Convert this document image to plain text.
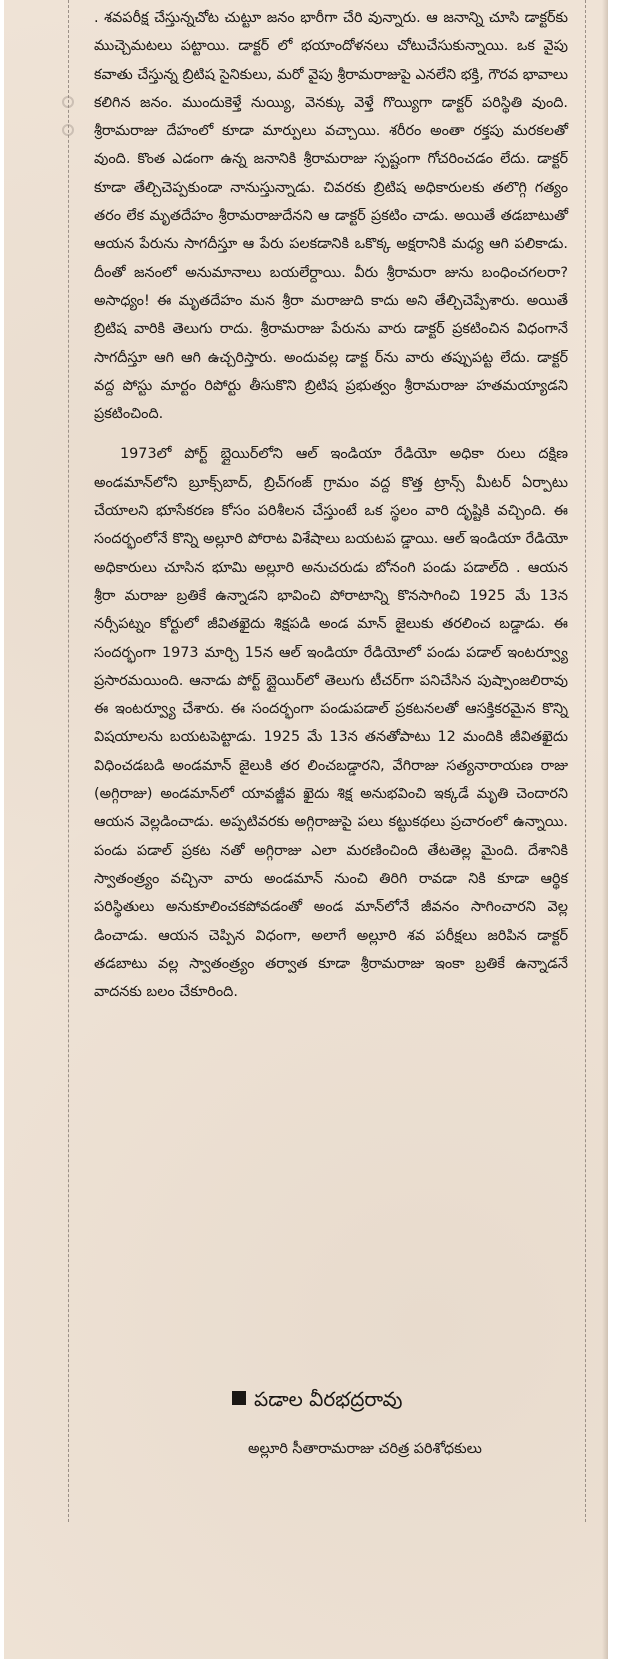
. శవపరీక్ష చేస్తున్నచోట చుట్టూ జనం భారీగా చేరి వున్నారు. ఆ జనాన్ని చూసి డాక్టర్‌కు ముచ్చెమటలు పట్టాయి. డాక్టర్ లో భయాందోళనలు చోటుచేసుకున్నాయి. ఒక వైపు కవాతు చేస్తున్న బ్రిటిష సైనికులు, మరో వైపు శ్రీరామరాజుపై ఎనలేని భక్తి, గౌరవ భావాలు కలిగిన జనం. ముందుకెళ్తే నుయ్యి, వెనక్కు వెళ్తే గొయ్యిగా డాక్టర్ పరిస్థితి వుంది. శ్రీరామరాజు దేహంలో కూడా మార్పులు వచ్చాయి. శరీరం అంతా రక్తపు మరకలతో వుంది. కొంత ఎడంగా ఉన్న జనానికి శ్రీరామరాజు స్పష్టంగా గోచరించడం లేదు. డాక్టర్ కూడా తేల్చిచెప్పకుండా నానుస్తున్నాడు. చివరకు బ్రిటిష అధికారులకు తలొగ్గి గత్యం తరం లేక మృతదేహం శ్రీరామరాజుదేనని ఆ డాక్టర్ ప్రకటిం చాడు. అయితే తడబాటుతో ఆయన పేరును సాగదీస్తూ ఆ పేరు పలకడానికి ఒకొక్క అక్షరానికి మధ్య ఆగి పలికాడు. దీంతో జనంలో అనుమానాలు బయలేర్దాయి. వీరు శ్రీరామరా జును బంధించగలరా? అసాధ్యం! ఈ మృతదేహం మన శ్రీరా మరాజుది కాదు అని తేల్చిచెప్పేశారు. అయితే బ్రిటిష వారికి తెలుగు రాదు. శ్రీరామరాజు పేరును వారు డాక్టర్ ప్రకటించిన విధంగానే సాగదీస్తూ ఆగి ఆగి ఉచ్చరిస్తారు. అందువల్ల డాక్ట ర్‌ను వారు తప్పుపట్ట లేదు. డాక్టర్ వద్ద పోస్టు మార్టం రిపోర్టు తీసుకొని బ్రిటిష ప్రభుత్వం శ్రీరామరాజు హతమయ్యాడని ప్రకటించింది.

1973లో పోర్ట్ బ్లైయిర్‌లోని ఆల్ ఇండియా రేడియో అధికా రులు దక్షిణ అండమాన్‌లోని బ్రూక్స్‌బాద్, బ్రిచ్‌గంజ్ గ్రామం వద్ద కొత్త ట్రాన్స్ మీటర్ ఏర్పాటు చేయాలని భూసేకరణ కోసం పరిశీలన చేస్తుంటే ఒక స్థలం వారి దృష్టికి వచ్చింది. ఈ సందర్భంలోనే కొన్ని అల్లూరి పోరాట విశేషాలు బయటప డ్డాయి. ఆల్ ఇండియా రేడియో అధికారులు చూసిన భూమి అల్లూరి అనుచరుడు బోనంగి పండు పడాల్‌ది . ఆయన శ్రీరా మరాజు బ్రతికే ఉన్నాడని భావించి పోరాటాన్ని కొనసాగించి 1925 మే 13న నర్సీపట్నం కోర్టులో జీవితఖైదు శిక్షపడి అండ మాన్ జైలుకు తరలించ బడ్డాడు. ఈ సందర్భంగా 1973 మార్చి 15న ఆల్ ఇండియా రేడియోలో పండు పడాల్ ఇంటర్వ్యూ ప్రసారమయింది. ఆనాడు పోర్ట్ బ్లైయిర్‌లో తెలుగు టీచర్‌గా పనిచేసిన పుష్పాంజలిరావు ఈ ఇంటర్వ్యూ చేశారు. ఈ సందర్భంగా పండుపడాల్ ప్రకటనలతో ఆసక్తికరమైన కొన్ని విషయాలను బయటపెట్టాడు. 1925 మే 13న తనతోపాటు 12 మందికి జీవితఖైదు విధించడబడి అండమాన్ జైలుకి తర లించబడ్డారని, వేగిరాజు సత్యనారాయణ రాజు (అగ్గిరాజు) అండమాన్‌లో యావజ్జీవ ఖైదు శిక్ష అనుభవించి ఇక్కడే మృతి చెందారని ఆయన వెల్లడించాడు. అప్పటివరకు అగ్గిరాజుపై పలు కట్టుకథలు ప్రచారంలో ఉన్నాయి. పండు పడాల్ ప్రకట నతో అగ్గిరాజు ఎలా మరణించింది తేటతెల్ల మైంది. దేశానికి స్వాతంత్ర్యం వచ్చినా వారు అండమాన్ నుంచి తిరిగి రావడా నికి కూడా ఆర్థిక పరిస్థితులు అనుకూలించకపోవడంతో అండ మాన్‌లోనే జీవనం సాగించారని వెల్ల డించాడు. ఆయన చెప్పిన విధంగా, అలాగే అల్లూరి శవ పరీక్షలు జరిపిన డాక్టర్ తడబాటు వల్ల స్వాతంత్ర్యం తర్వాత కూడా శ్రీరామరాజు ఇంకా బ్రతికే ఉన్నాడనే వాదనకు బలం చేకూరింది.

పడాల వీరభద్రరావు
అల్లూరి సీతారామరాజు చరిత్ర పరిశోధకులు
